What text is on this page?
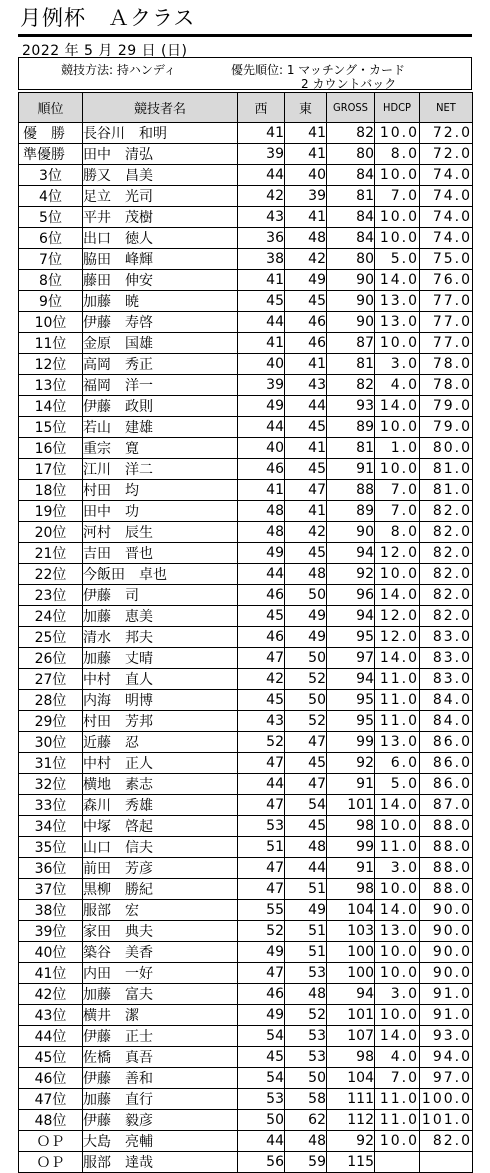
月例杯　Ａクラス
2022 年 5 月 29 日 (日)
競技方法: 持ハンディ	優先順位: 1 マッチング・カード
2 カウントバック
順位	競技者名	西	東	GROSS	HDCP	NET
優　勝	長谷川　和明	41	41	82	10.0	72.0
準優勝	田中　清弘	39	41	80	8.0	72.0
3位	勝又　昌美	44	40	84	10.0	74.0
4位	足立　光司	42	39	81	7.0	74.0
5位	平井　茂樹	43	41	84	10.0	74.0
6位	出口　徳人	36	48	84	10.0	74.0
7位	脇田　峰輝	38	42	80	5.0	75.0
8位	藤田　伸安	41	49	90	14.0	76.0
9位	加藤　暁	45	45	90	13.0	77.0
10位	伊藤　寿啓	44	46	90	13.0	77.0
11位	金原　国雄	41	46	87	10.0	77.0
12位	高岡　秀正	40	41	81	3.0	78.0
13位	福岡　洋一	39	43	82	4.0	78.0
14位	伊藤　政則	49	44	93	14.0	79.0
15位	若山　建雄	44	45	89	10.0	79.0
16位	重宗　寛	40	41	81	1.0	80.0
17位	江川　洋二	46	45	91	10.0	81.0
18位	村田　均	41	47	88	7.0	81.0
19位	田中　功	48	41	89	7.0	82.0
20位	河村　辰生	48	42	90	8.0	82.0
21位	吉田　晋也	49	45	94	12.0	82.0
22位	今飯田　卓也	44	48	92	10.0	82.0
23位	伊藤　司	46	50	96	14.0	82.0
24位	加藤　恵美	45	49	94	12.0	82.0
25位	清水　邦夫	46	49	95	12.0	83.0
26位	加藤　丈晴	47	50	97	14.0	83.0
27位	中村　直人	42	52	94	11.0	83.0
28位	内海　明博	45	50	95	11.0	84.0
29位	村田　芳邦	43	52	95	11.0	84.0
30位	近藤　忍	52	47	99	13.0	86.0
31位	中村　正人	47	45	92	6.0	86.0
32位	横地　素志	44	47	91	5.0	86.0
33位	森川　秀雄	47	54	101	14.0	87.0
34位	中塚　啓起	53	45	98	10.0	88.0
35位	山口　信夫	51	48	99	11.0	88.0
36位	前田　芳彦	47	44	91	3.0	88.0
37位	黒柳　勝紀	47	51	98	10.0	88.0
38位	服部　宏	55	49	104	14.0	90.0
39位	家田　典夫	52	51	103	13.0	90.0
40位	築谷　美香	49	51	100	10.0	90.0
41位	内田　一好	47	53	100	10.0	90.0
42位	加藤　富夫	46	48	94	3.0	91.0
43位	横井　潔	49	52	101	10.0	91.0
44位	伊藤　正士	54	53	107	14.0	93.0
45位	佐橋　真吾	45	53	98	4.0	94.0
46位	伊藤　善和	54	50	104	7.0	97.0
47位	加藤　直行	53	58	111	11.0	100.0
48位	伊藤　毅彦	50	62	112	11.0	101.0
ＯＰ	大島　亮輔	44	48	92	10.0	82.0
ＯＰ	服部　達哉	56	59	115		
